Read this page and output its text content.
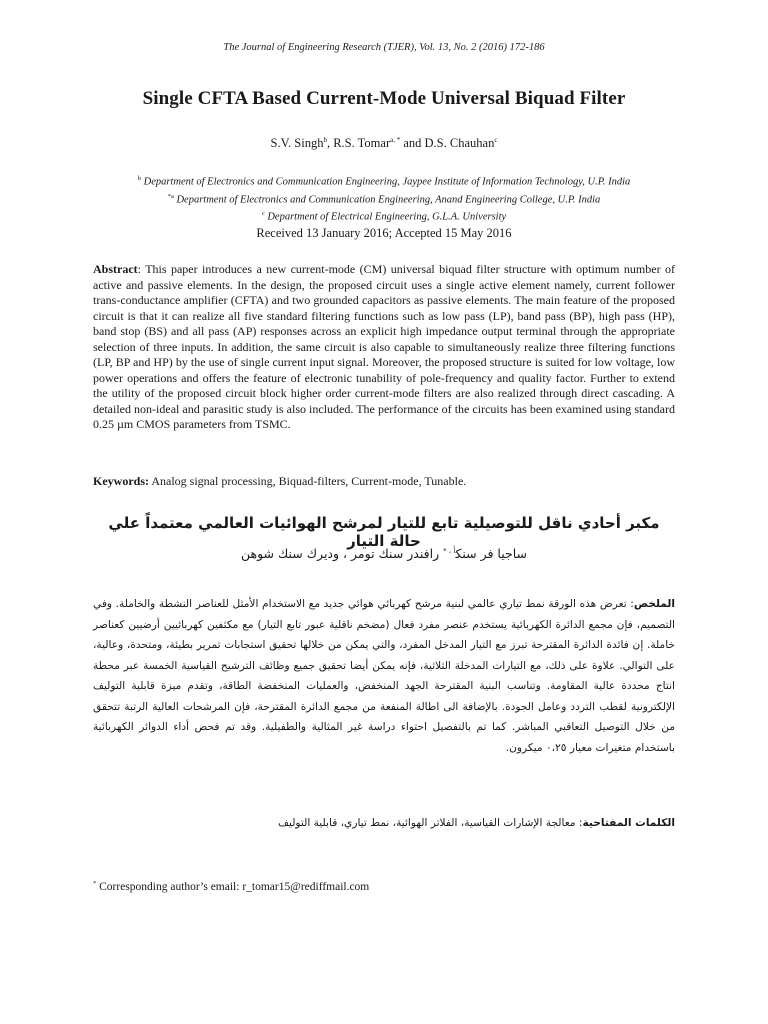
The Journal of Engineering Research (TJER), Vol. 13, No. 2 (2016) 172-186
Single CFTA Based Current-Mode Universal Biquad Filter
S.V. Singh$^b$, R.S. Tomar$^{a, *}$ and D.S. Chauhan$^c$
$^b$ Department of Electronics and Communication Engineering, Jaypee Institute of Information Technology, U.P. India
$^{*a}$ Department of Electronics and Communication Engineering, Anand Engineering College, U.P. India
$^c$ Department of Electrical Engineering, G.L.A. University
Received 13 January 2016; Accepted 15 May 2016

Abstract: This paper introduces a new current-mode (CM) universal biquad filter structure with optimum number of active and passive elements. In the design, the proposed circuit uses a single active element namely, current follower trans-conductance amplifier (CFTA) and two grounded capacitors as passive elements. The main feature of the proposed circuit is that it can realize all five standard filtering functions such as low pass (LP), band pass (BP), high pass (HP), band stop (BS) and all pass (AP) responses across an explicit high impedance output terminal through the appropriate selection of three inputs. In addition, the same circuit is also capable to simultaneously realize three filtering functions (LP, BP and HP) by the use of single current input signal. Moreover, the proposed structure is suited for low voltage, low power operations and offers the feature of electronic tunability of pole-frequency and quality factor. Further to extend the utility of the proposed circuit block higher order current-mode filters are also realized through direct cascading. A detailed non-ideal and parasitic study is also included. The performance of the circuits has been examined using standard 0.25 µm CMOS parameters from TSMC.

Keywords: Analog signal processing, Biquad-filters, Current-mode, Tunable.

مكبر أحادي ناقل للتوصيلية تابع للتيار لمرشح الهوائيات العالمي معتمداً علي حالة التيار
ساجيا فر سنك$^{أ ، *}$ رافندر سنك تومر ، وديرك سنك شوهن

الملخص: تعرض هذه الورقة نمط تياري عالمي لبنية مرشح كهربائي هوائي جديد مع الاستخدام الأمثل للعناصر النشطة والخاملة. وفي التصميم، فإن مجمع الدائرة الكهربائية يستخدم عنصر مفرد فعال (مضخم ناقلية عبور تابع التيار) مع مكثفين كهربائيين أرضيين كعناصر خاملة. إن فائدة الدائرة المقترحة تبرز مع التيار المدخل المفرد، والتي يمكن من خلالها تحقيق استجابات تمرير بطيئة، ومتحدة، وعالية، على التوالي. علاوة على ذلك، مع التيارات المدخلة الثلاثية، فإنه يمكن أيضا تحقيق جميع وظائف الترشيح القياسية الخمسة عبر محطة انتاج محددة عالية المقاومة. وتناسب البنية المقترحة الجهد المنخفض، والعمليات المنخفضة الطاقة، وتقدم ميزة قابلية التوليف الإلكترونية لقطب التردد وعامل الجودة. بالإضافة الى اطالة المنفعة من مجمع الدائرة المقترحة، فإن المرشحات العالية الرتبة تتحقق من خلال التوصيل التعاقبي المباشر. كما تم بالتفصيل احتواء دراسة غير المثالية والطفيلية. وقد تم فحص أداء الدوائر الكهربائية باستخدام متغيرات معيار ٠،٢٥ ميكرون.

الكلمات المفتاحية: معالجة الإشارات القياسية، الفلاتر الهوائية، نمط تياري، قابلية التوليف

* Corresponding author’s email: r_tomar15@rediffmail.com
